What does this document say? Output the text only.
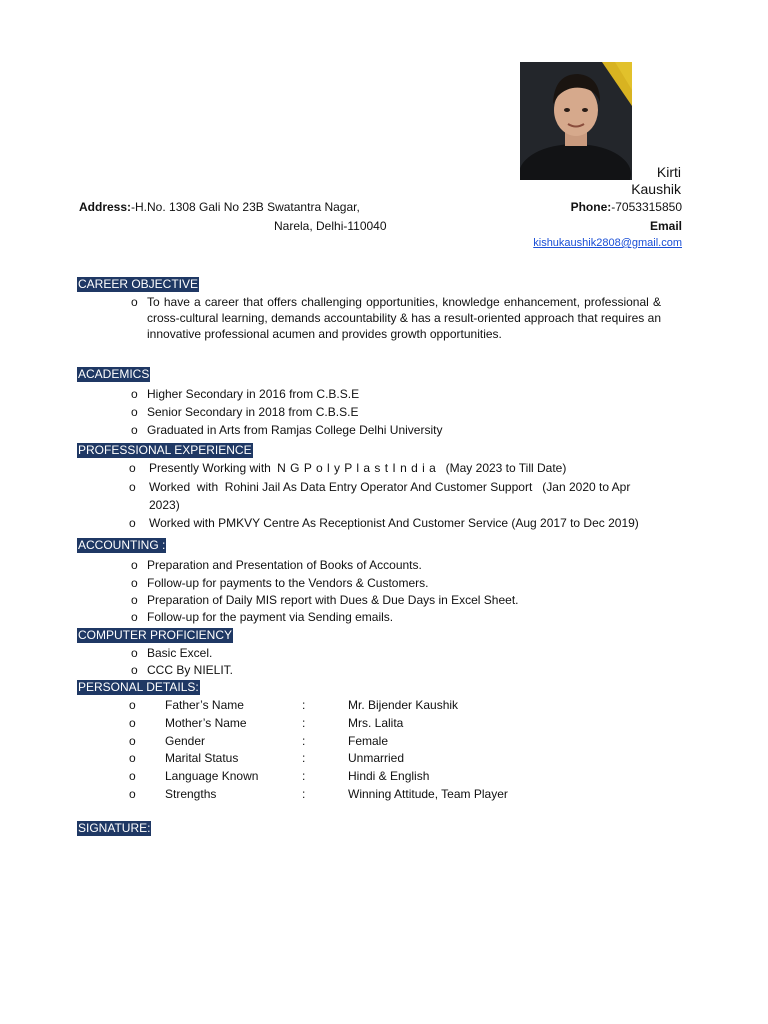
Kirti
Kaushik
Address:-H.No. 1308 Gali No 23B Swatantra Nagar,
Narela, Delhi-110040
Phone:-7053315850
Email
kishukaushik2808@gmail.com
CAREER OBJECTIVE
o To have a career that offers challenging opportunities, knowledge enhancement, professional & cross-cultural learning, demands accountability & has a result-oriented approach that requires an innovative professional acumen and provides growth opportunities.
ACADEMICS
o Higher Secondary in 2016 from C.B.S.E
o Senior Secondary in 2018 from C.B.S.E
o Graduated in Arts from Ramjas College Delhi University
PROFESSIONAL EXPERIENCE
o Presently Working with N G P o l y P l a s t I n d i a (May 2023 to Till Date)
o Worked  with  Rohini Jail As Data Entry Operator And Customer Support   (Jan 2020 to Apr
2023)
o Worked with PMKVY Centre As Receptionist And Customer Service (Aug 2017 to Dec 2019)
ACCOUNTING :
o Preparation and Presentation of Books of Accounts.
o Follow-up for payments to the Vendors & Customers.
o Preparation of Daily MIS report with Dues & Due Days in Excel Sheet.
o Follow-up for the payment via Sending emails.
COMPUTER PROFICIENCY
o Basic Excel.
o CCC By NIELIT.
PERSONAL DETAILS:
o Father’s Name	:	Mr. Bijender Kaushik
o Mother’s Name	:	Mrs. Lalita
o Gender	:	Female
o Marital Status	:	Unmarried
o Language Known	:	Hindi & English
o Strengths	:	Winning Attitude, Team Player
SIGNATURE:
